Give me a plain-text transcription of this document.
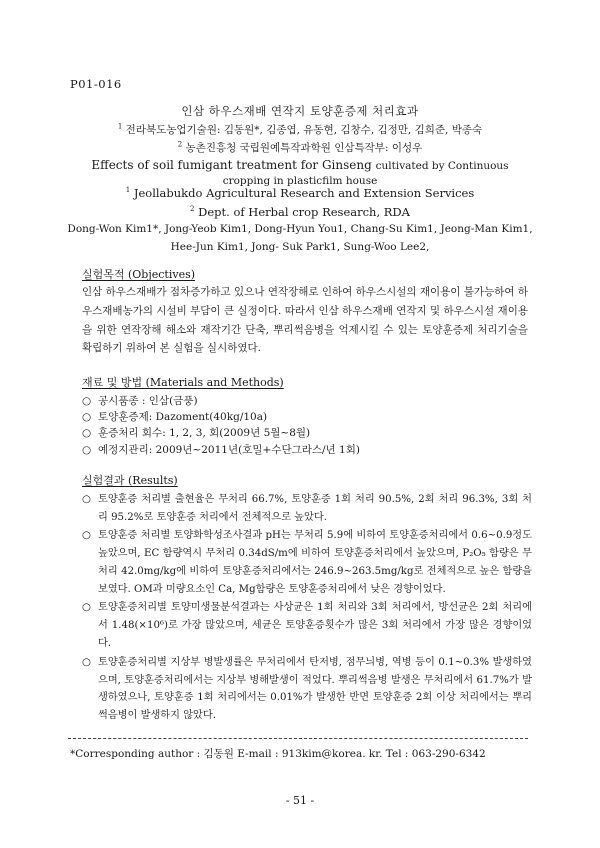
P01-016
인삼 하우스재배 연작지 토양훈증제 처리효과
$^1$ 전라북도농업기술원: 김동원*, 김종엽, 유동현, 김창수, 김정만, 김희준, 박종숙
$^2$ 농촌진흥청 국립원예특작과학원 인삼특작부: 이성우
Effects of soil fumigant treatment for Ginseng cultivated by Continuous
cropping in plasticfilm house
$^1$ Jeollabukdo Agricultural Research and Extension Services
$^2$ Dept. of Herbal crop Research, RDA
Dong-Won Kim1*, Jong-Yeob Kim1, Dong-Hyun You1, Chang-Su Kim1, Jeong-Man Kim1,
Hee-Jun Kim1, Jong- Suk Park1, Sung-Woo Lee2,
실험목적 (Objectives)
인삼 하우스재배가 점차증가하고 있으나 연작장해로 인하여 하우스시설의 재이용이 불가능하여 하우스재배농가의 시설비 부담이 큰 실정이다. 따라서 인삼 하우스재배 연작지 및 하우스시설 재이용을 위한 연작장해 해소와 재작기간 단축, 뿌리썩음병을 억제시킬 수 있는 토양훈증제 처리기술을 확립하기 위하여 본 실험을 실시하였다.
재료 및 방법 (Materials and Methods)
○ 공시품종 : 인삼(금풍)
○ 토양훈증제: Dazoment(40kg/10a)
○ 훈증처리 회수: 1, 2, 3, 회(2009년 5월~8월)
○ 예정지관리: 2009년~2011년(호밀+수단그라스/년 1회)
실험결과 (Results)
○ 토양훈증 처리별 출현율은 무처리 66.7%, 토양훈증 1회 처리 90.5%, 2회 처리 96.3%, 3회 처리 95.2%로 토양훈증 처리에서 전체적으로 높았다.
○ 토양훈증 처리별 토양화학성조사결과 pH는 무처리 5.9에 비하여 토양훈증처리에서 0.6~0.9정도 높았으며, EC 함량역시 무처리 0.34dS/m에 비하여 토양훈증처리에서 높았으며, P₂O₅ 함량은 무처리 42.0mg/kg에 비하여 토양훈증처리에서는 246.9~263.5mg/kg로 전체적으로 높은 함량을 보였다. OM과 미량요소인 Ca, Mg함량은 토양훈증처리에서 낮은 경향이었다.
○ 토양훈증처리별 토양미생물분석결과는 사상균은 1회 처리와 3회 처리에서, 방선균은 2회 처리에서 1.48(×10⁶)로 가장 많았으며, 세균은 토양훈증횟수가 많은 3회 처리에서 가장 많은 경향이었다.
○ 토양훈증처리별 지상부 병발생률은 무처리에서 탄저병, 점무늬병, 역병 등이 0.1~0.3% 발생하였으며, 토양훈증처리에서는 지상부 병해발생이 적었다. 뿌리썩음병 발생은 무처리에서 61.7%가 발생하였으나, 토양훈증 1회 처리에서는 0.01%가 발생한 반면 토양훈증 2회 이상 처리에서는 뿌리썩음병이 발생하지 않았다.
*Corresponding author : 김동원 E-mail : 913kim@korea. kr. Tel : 063-290-6342
- 51 -
